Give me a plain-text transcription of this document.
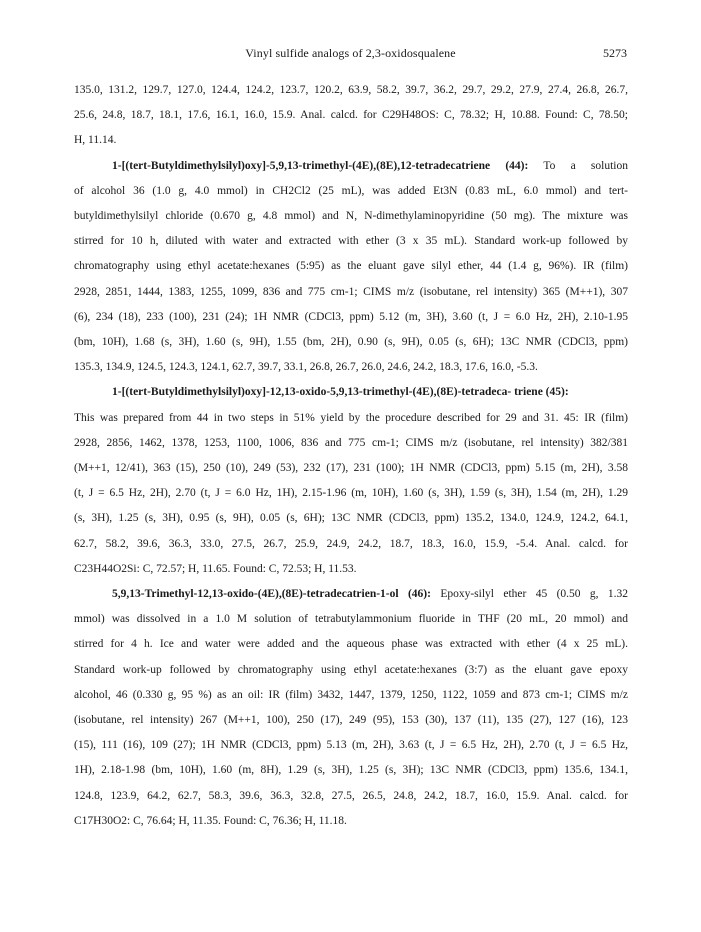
Vinyl sulfide analogs of 2,3-oxidosqualene	5273
135.0, 131.2, 129.7, 127.0, 124.4, 124.2, 123.7, 120.2, 63.9, 58.2, 39.7, 36.2, 29.7, 29.2, 27.9, 27.4, 26.8, 26.7,
25.6, 24.8, 18.7, 18.1, 17.6, 16.1, 16.0, 15.9. Anal. calcd. for C29H48OS: C, 78.32; H, 10.88. Found: C, 78.50;
H, 11.14.
1-[(tert-Butyldimethylsilyl)oxy]-5,9,13-trimethyl-(4E),(8E),12-tetradecatriene (44): To a solution
of alcohol 36 (1.0 g, 4.0 mmol) in CH2Cl2 (25 mL), was added Et3N (0.83 mL, 6.0 mmol) and tert-
butyldimethylsilyl chloride (0.670 g, 4.8 mmol) and N, N-dimethylaminopyridine (50 mg). The mixture was
stirred for 10 h, diluted with water and extracted with ether (3 x 35 mL). Standard work-up followed by
chromatography using ethyl acetate:hexanes (5:95) as the eluant gave silyl ether, 44 (1.4 g, 96%). IR (film)
2928, 2851, 1444, 1383, 1255, 1099, 836 and 775 cm-1; CIMS m/z (isobutane, rel intensity) 365 (M++1), 307
(6), 234 (18), 233 (100), 231 (24); 1H NMR (CDCl3, ppm) 5.12 (m, 3H), 3.60 (t, J = 6.0 Hz, 2H), 2.10-1.95
(bm, 10H), 1.68 (s, 3H), 1.60 (s, 9H), 1.55 (bm, 2H), 0.90 (s, 9H), 0.05 (s, 6H); 13C NMR (CDCl3, ppm)
135.3, 134.9, 124.5, 124.3, 124.1, 62.7, 39.7, 33.1, 26.8, 26.7, 26.0, 24.6, 24.2, 18.3, 17.6, 16.0, -5.3.
1-[(tert-Butyldimethylsilyl)oxy]-12,13-oxido-5,9,13-trimethyl-(4E),(8E)-tetradeca- triene (45):
This was prepared from 44 in two steps in 51% yield by the procedure described for 29 and 31. 45: IR (film)
2928, 2856, 1462, 1378, 1253, 1100, 1006, 836 and 775 cm-1; CIMS m/z (isobutane, rel intensity) 382/381
(M++1, 12/41), 363 (15), 250 (10), 249 (53), 232 (17), 231 (100); 1H NMR (CDCl3, ppm) 5.15 (m, 2H), 3.58
(t, J = 6.5 Hz, 2H), 2.70 (t, J = 6.0 Hz, 1H), 2.15-1.96 (m, 10H), 1.60 (s, 3H), 1.59 (s, 3H), 1.54 (m, 2H), 1.29
(s, 3H), 1.25 (s, 3H), 0.95 (s, 9H), 0.05 (s, 6H); 13C NMR (CDCl3, ppm) 135.2, 134.0, 124.9, 124.2, 64.1,
62.7, 58.2, 39.6, 36.3, 33.0, 27.5, 26.7, 25.9, 24.9, 24.2, 18.7, 18.3, 16.0, 15.9, -5.4. Anal. calcd. for
C23H44O2Si: C, 72.57; H, 11.65. Found: C, 72.53; H, 11.53.
5,9,13-Trimethyl-12,13-oxido-(4E),(8E)-tetradecatrien-1-ol (46): Epoxy-silyl ether 45 (0.50 g, 1.32
mmol) was dissolved in a 1.0 M solution of tetrabutylammonium fluoride in THF (20 mL, 20 mmol) and
stirred for 4 h. Ice and water were added and the aqueous phase was extracted with ether (4 x 25 mL).
Standard work-up followed by chromatography using ethyl acetate:hexanes (3:7) as the eluant gave epoxy
alcohol, 46 (0.330 g, 95 %) as an oil: IR (film) 3432, 1447, 1379, 1250, 1122, 1059 and 873 cm-1; CIMS m/z
(isobutane, rel intensity) 267 (M++1, 100), 250 (17), 249 (95), 153 (30), 137 (11), 135 (27), 127 (16), 123
(15), 111 (16), 109 (27); 1H NMR (CDCl3, ppm) 5.13 (m, 2H), 3.63 (t, J = 6.5 Hz, 2H), 2.70 (t, J = 6.5 Hz,
1H), 2.18-1.98 (bm, 10H), 1.60 (m, 8H), 1.29 (s, 3H), 1.25 (s, 3H); 13C NMR (CDCl3, ppm) 135.6, 134.1,
124.8, 123.9, 64.2, 62.7, 58.3, 39.6, 36.3, 32.8, 27.5, 26.5, 24.8, 24.2, 18.7, 16.0, 15.9. Anal. calcd. for
C17H30O2: C, 76.64; H, 11.35. Found: C, 76.36; H, 11.18.
